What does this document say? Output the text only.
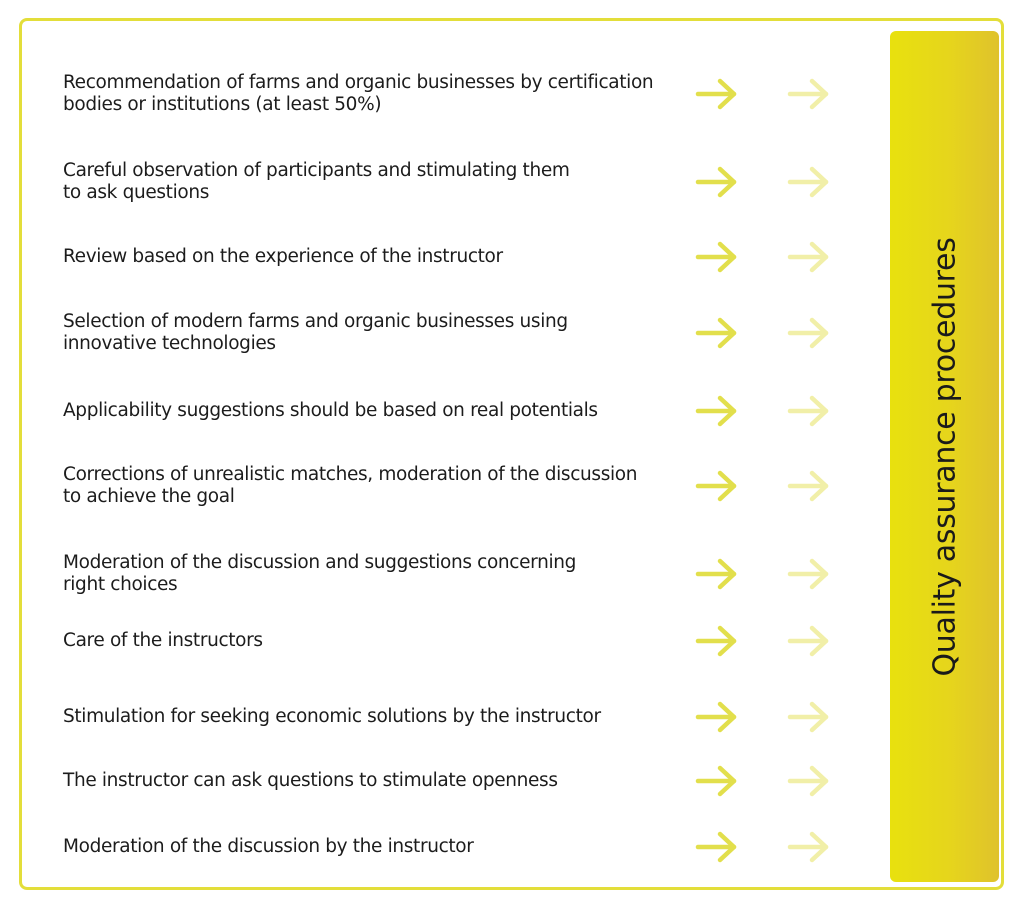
Recommendation of farms and organic businesses by certification
bodies or institutions (at least 50%)
Careful observation of participants and stimulating them
to ask questions
Review based on the experience of the instructor
Selection of modern farms and organic businesses using
innovative technologies
Applicability suggestions should be based on real potentials
Corrections of unrealistic matches, moderation of the discussion
to achieve the goal
Moderation of the discussion and suggestions concerning
right choices
Care of the instructors
Stimulation for seeking economic solutions by the instructor
The instructor can ask questions to stimulate openness
Moderation of the discussion by the instructor
Quality assurance procedures
